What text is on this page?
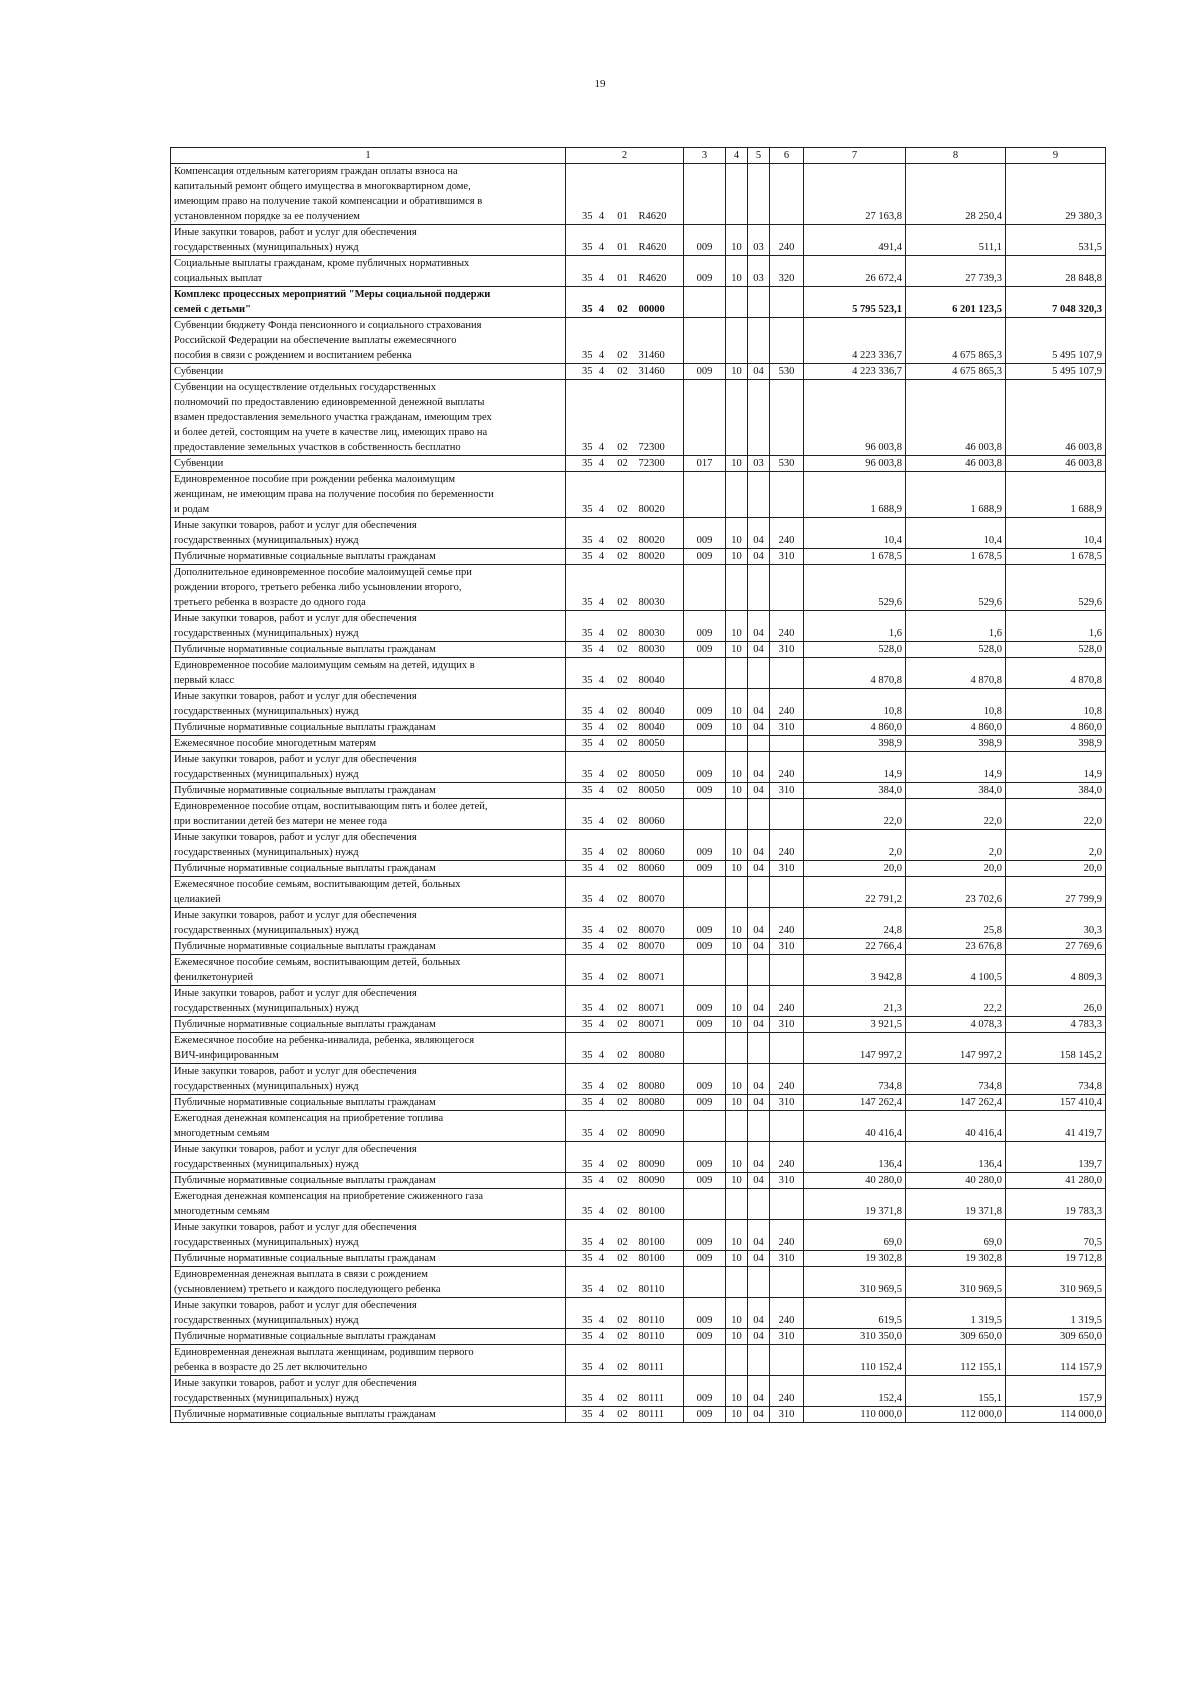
19
1	2	3	4	5	6	7	8	9
Компенсация отдельным категориям граждан оплаты взноса на
капитальный ремонт общего имущества в многоквартирном доме,
имеющим право на получение такой компенсации и обратившимся в
установленном порядке за ее получением	35 4 01 R4620					27 163,8	28 250,4	29 380,3
Иные закупки товаров, работ и услуг для обеспечения
государственных (муниципальных) нужд	35 4 01 R4620	009	10	03	240	491,4	511,1	531,5
Социальные выплаты гражданам, кроме публичных нормативных
социальных выплат	35 4 01 R4620	009	10	03	320	26 672,4	27 739,3	28 848,8
Комплекс процессных мероприятий "Меры социальной поддержи
семей с детьми"	35 4 02 00000					5 795 523,1	6 201 123,5	7 048 320,3
Субвенции бюджету Фонда пенсионного и социального страхования
Российской Федерации на обеспечение выплаты ежемесячного
пособия в связи с рождением и воспитанием ребенка	35 4 02 31460					4 223 336,7	4 675 865,3	5 495 107,9
Субвенции	35 4 02 31460	009	10	04	530	4 223 336,7	4 675 865,3	5 495 107,9
Субвенции на осуществление отдельных государственных
полномочий по предоставлению единовременной денежной выплаты
взамен предоставления земельного участка гражданам, имеющим трех
и более детей, состоящим на учете в качестве лиц, имеющих право на
предоставление земельных участков в собственность бесплатно	35 4 02 72300					96 003,8	46 003,8	46 003,8
Субвенции	35 4 02 72300	017	10	03	530	96 003,8	46 003,8	46 003,8
Единовременное пособие при рождении ребенка малоимущим
женщинам, не имеющим права на получение пособия по беременности
и родам	35 4 02 80020					1 688,9	1 688,9	1 688,9
Иные закупки товаров, работ и услуг для обеспечения
государственных (муниципальных) нужд	35 4 02 80020	009	10	04	240	10,4	10,4	10,4
Публичные нормативные социальные выплаты гражданам	35 4 02 80020	009	10	04	310	1 678,5	1 678,5	1 678,5
Дополнительное единовременное пособие малоимущей семье при
рождении второго, третьего ребенка либо усыновлении второго,
третьего ребенка в возрасте до одного года	35 4 02 80030					529,6	529,6	529,6
Иные закупки товаров, работ и услуг для обеспечения
государственных (муниципальных) нужд	35 4 02 80030	009	10	04	240	1,6	1,6	1,6
Публичные нормативные социальные выплаты гражданам	35 4 02 80030	009	10	04	310	528,0	528,0	528,0
Единовременное пособие малоимущим семьям на детей, идущих в
первый класс	35 4 02 80040					4 870,8	4 870,8	4 870,8
Иные закупки товаров, работ и услуг для обеспечения
государственных (муниципальных) нужд	35 4 02 80040	009	10	04	240	10,8	10,8	10,8
Публичные нормативные социальные выплаты гражданам	35 4 02 80040	009	10	04	310	4 860,0	4 860,0	4 860,0
Ежемесячное пособие многодетным матерям	35 4 02 80050					398,9	398,9	398,9
Иные закупки товаров, работ и услуг для обеспечения
государственных (муниципальных) нужд	35 4 02 80050	009	10	04	240	14,9	14,9	14,9
Публичные нормативные социальные выплаты гражданам	35 4 02 80050	009	10	04	310	384,0	384,0	384,0
Единовременное пособие отцам, воспитывающим пять и более детей,
при воспитании детей без матери не менее года	35 4 02 80060					22,0	22,0	22,0
Иные закупки товаров, работ и услуг для обеспечения
государственных (муниципальных) нужд	35 4 02 80060	009	10	04	240	2,0	2,0	2,0
Публичные нормативные социальные выплаты гражданам	35 4 02 80060	009	10	04	310	20,0	20,0	20,0
Ежемесячное пособие семьям, воспитывающим детей, больных
целиакией	35 4 02 80070					22 791,2	23 702,6	27 799,9
Иные закупки товаров, работ и услуг для обеспечения
государственных (муниципальных) нужд	35 4 02 80070	009	10	04	240	24,8	25,8	30,3
Публичные нормативные социальные выплаты гражданам	35 4 02 80070	009	10	04	310	22 766,4	23 676,8	27 769,6
Ежемесячное пособие семьям, воспитывающим детей, больных
фенилкетонурией	35 4 02 80071					3 942,8	4 100,5	4 809,3
Иные закупки товаров, работ и услуг для обеспечения
государственных (муниципальных) нужд	35 4 02 80071	009	10	04	240	21,3	22,2	26,0
Публичные нормативные социальные выплаты гражданам	35 4 02 80071	009	10	04	310	3 921,5	4 078,3	4 783,3
Ежемесячное пособие на ребенка-инвалида, ребенка, являющегося
ВИЧ-инфицированным	35 4 02 80080					147 997,2	147 997,2	158 145,2
Иные закупки товаров, работ и услуг для обеспечения
государственных (муниципальных) нужд	35 4 02 80080	009	10	04	240	734,8	734,8	734,8
Публичные нормативные социальные выплаты гражданам	35 4 02 80080	009	10	04	310	147 262,4	147 262,4	157 410,4
Ежегодная денежная компенсация на приобретение топлива
многодетным семьям	35 4 02 80090					40 416,4	40 416,4	41 419,7
Иные закупки товаров, работ и услуг для обеспечения
государственных (муниципальных) нужд	35 4 02 80090	009	10	04	240	136,4	136,4	139,7
Публичные нормативные социальные выплаты гражданам	35 4 02 80090	009	10	04	310	40 280,0	40 280,0	41 280,0
Ежегодная денежная компенсация на приобретение сжиженного газа
многодетным семьям	35 4 02 80100					19 371,8	19 371,8	19 783,3
Иные закупки товаров, работ и услуг для обеспечения
государственных (муниципальных) нужд	35 4 02 80100	009	10	04	240	69,0	69,0	70,5
Публичные нормативные социальные выплаты гражданам	35 4 02 80100	009	10	04	310	19 302,8	19 302,8	19 712,8
Единовременная денежная выплата в связи с рождением
(усыновлением) третьего и каждого последующего ребенка	35 4 02 80110					310 969,5	310 969,5	310 969,5
Иные закупки товаров, работ и услуг для обеспечения
государственных (муниципальных) нужд	35 4 02 80110	009	10	04	240	619,5	1 319,5	1 319,5
Публичные нормативные социальные выплаты гражданам	35 4 02 80110	009	10	04	310	310 350,0	309 650,0	309 650,0
Единовременная денежная выплата женщинам, родившим первого
ребенка в возрасте до 25 лет включительно	35 4 02 80111					110 152,4	112 155,1	114 157,9
Иные закупки товаров, работ и услуг для обеспечения
государственных (муниципальных) нужд	35 4 02 80111	009	10	04	240	152,4	155,1	157,9
Публичные нормативные социальные выплаты гражданам	35 4 02 80111	009	10	04	310	110 000,0	112 000,0	114 000,0
